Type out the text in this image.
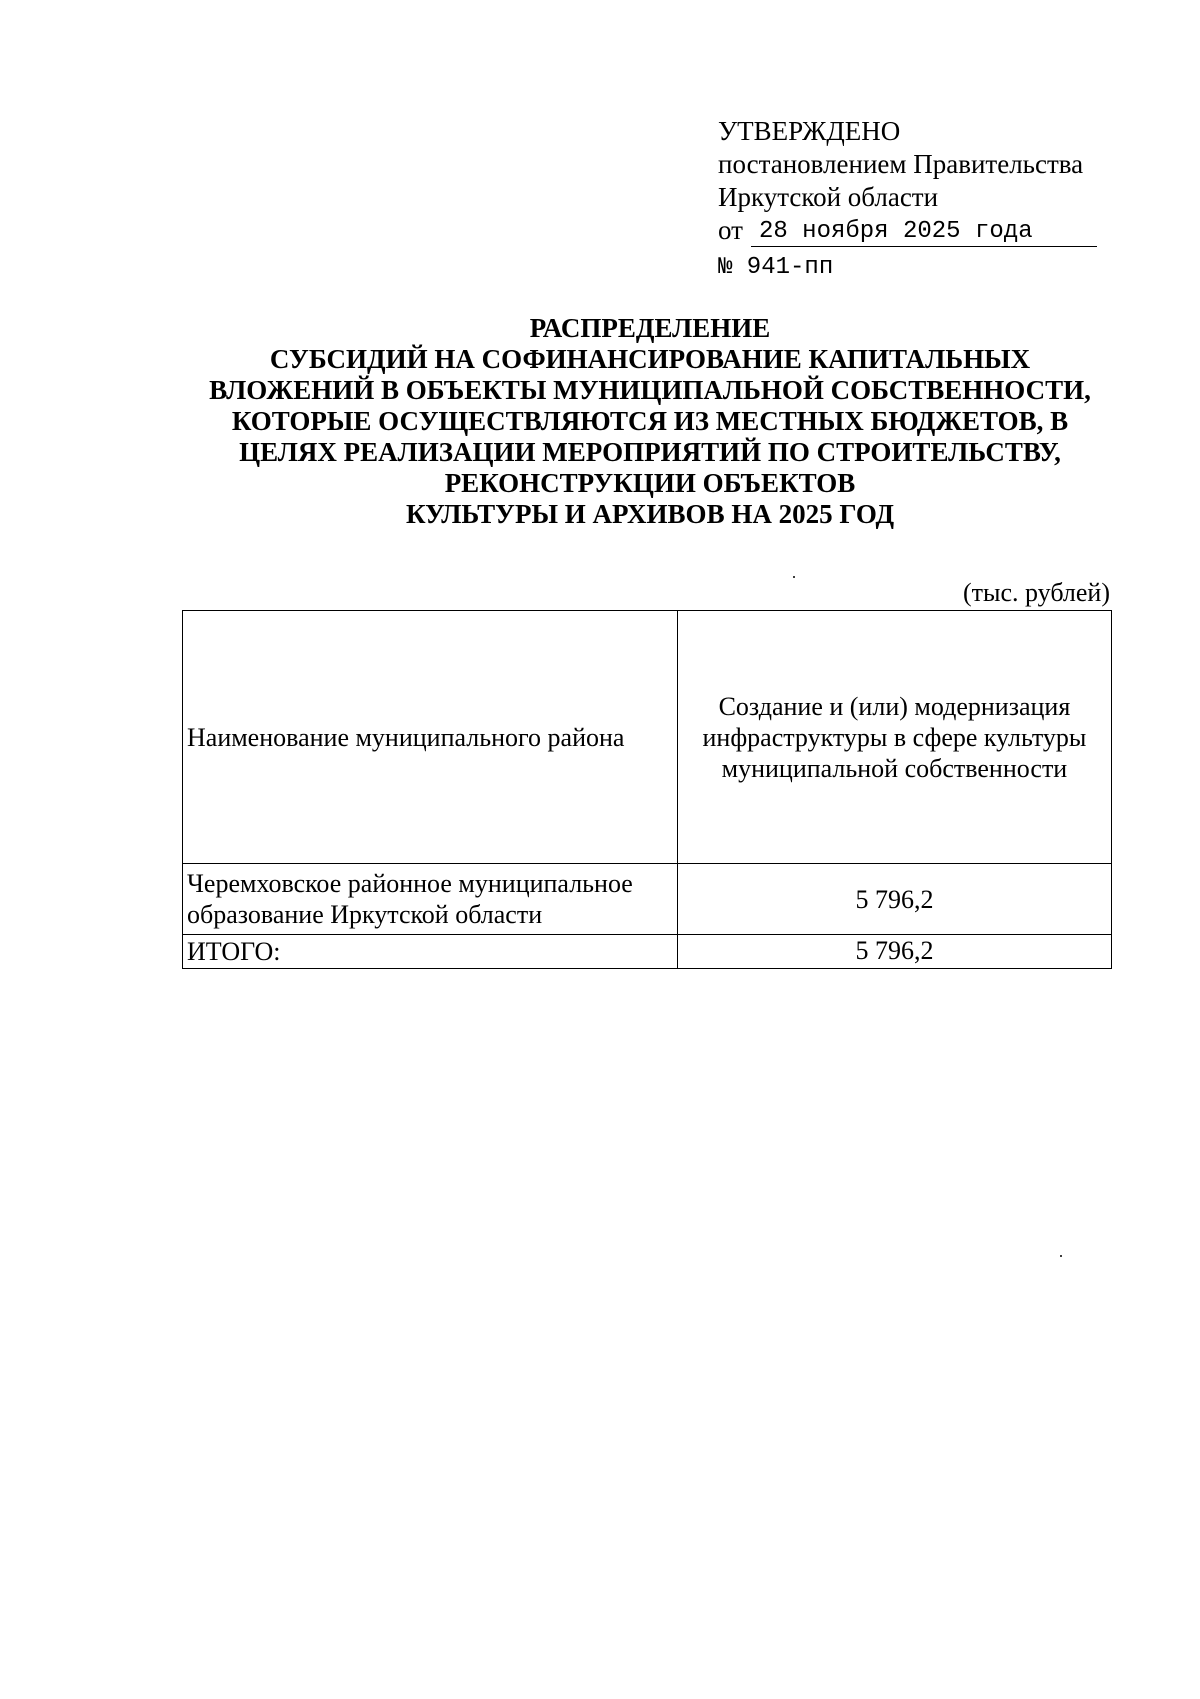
УТВЕРЖДЕНО
постановлением Правительства
Иркутской области
от 28 ноября 2025 года
№ 941-пп
РАСПРЕДЕЛЕНИЕ
СУБСИДИЙ НА СОФИНАНСИРОВАНИЕ КАПИТАЛЬНЫХ
ВЛОЖЕНИЙ В ОБЪЕКТЫ МУНИЦИПАЛЬНОЙ СОБСТВЕННОСТИ,
КОТОРЫЕ ОСУЩЕСТВЛЯЮТСЯ ИЗ МЕСТНЫХ БЮДЖЕТОВ, В
ЦЕЛЯХ РЕАЛИЗАЦИИ МЕРОПРИЯТИЙ ПО СТРОИТЕЛЬСТВУ,
РЕКОНСТРУКЦИИ ОБЪЕКТОВ
КУЛЬТУРЫ И АРХИВОВ НА 2025 ГОД
(тыс. рублей)
Наименование муниципального района	Создание и (или) модернизация инфраструктуры в сфере культуры муниципальной собственности
Черемховское районное муниципальное образование Иркутской области	5 796,2
ИТОГО:	5 796,2
